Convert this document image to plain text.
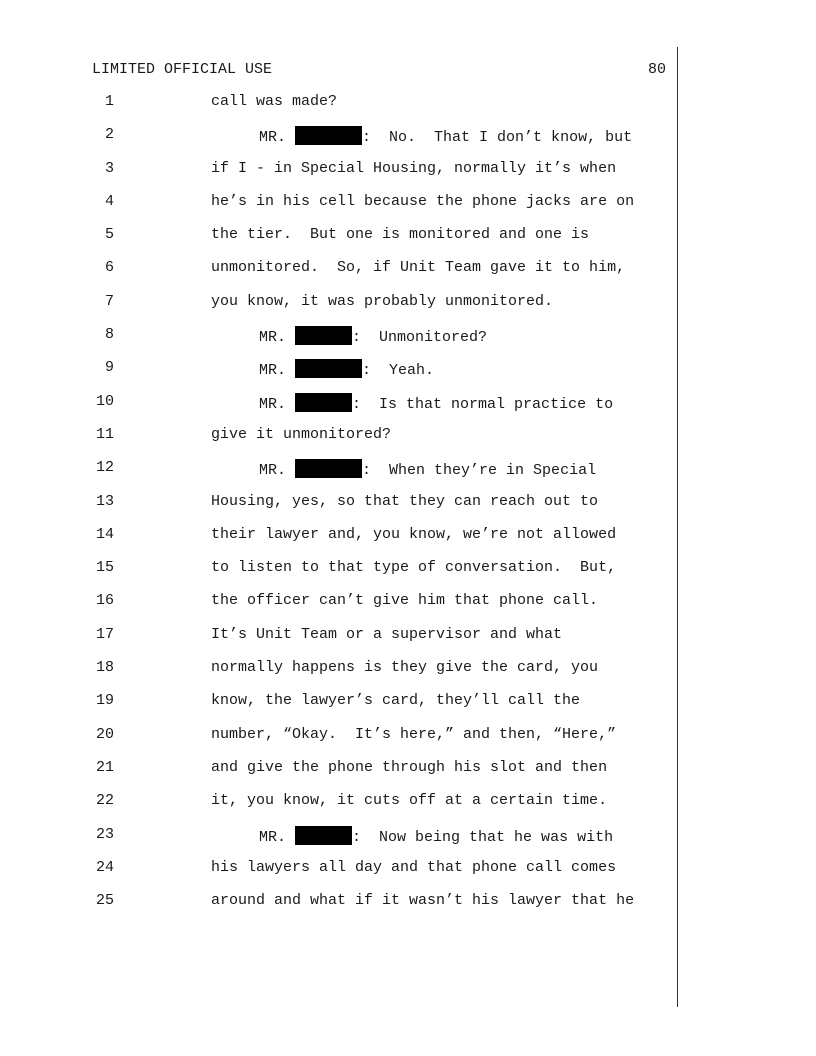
LIMITED OFFICIAL USE	80

1

	call was made?

2

	MR.	:  No.  That I don’t know, but

3

	if I - in Special Housing, normally it’s when

4

	he’s in his cell because the phone jacks are on

5

	the tier.  But one is monitored and one is

6

	unmonitored.  So, if Unit Team gave it to him,

7

	you know, it was probably unmonitored.

8

	MR.	:  Unmonitored?

9

	MR.	:  Yeah.

10

	MR.	:  Is that normal practice to

11

	give it unmonitored?

12

	MR.	:  When they’re in Special

13

	Housing, yes, so that they can reach out to

14

	their lawyer and, you know, we’re not allowed

15

	to listen to that type of conversation.  But,

16

	the officer can’t give him that phone call.

17

	It’s Unit Team or a supervisor and what

18

	normally happens is they give the card, you

19

	know, the lawyer’s card, they’ll call the

20

	number, “Okay.  It’s here,” and then, “Here,”

21

	and give the phone through his slot and then

22

	it, you know, it cuts off at a certain time.

23

	MR.	:  Now being that he was with

24

	his lawyers all day and that phone call comes

25

	around and what if it wasn’t his lawyer that he
